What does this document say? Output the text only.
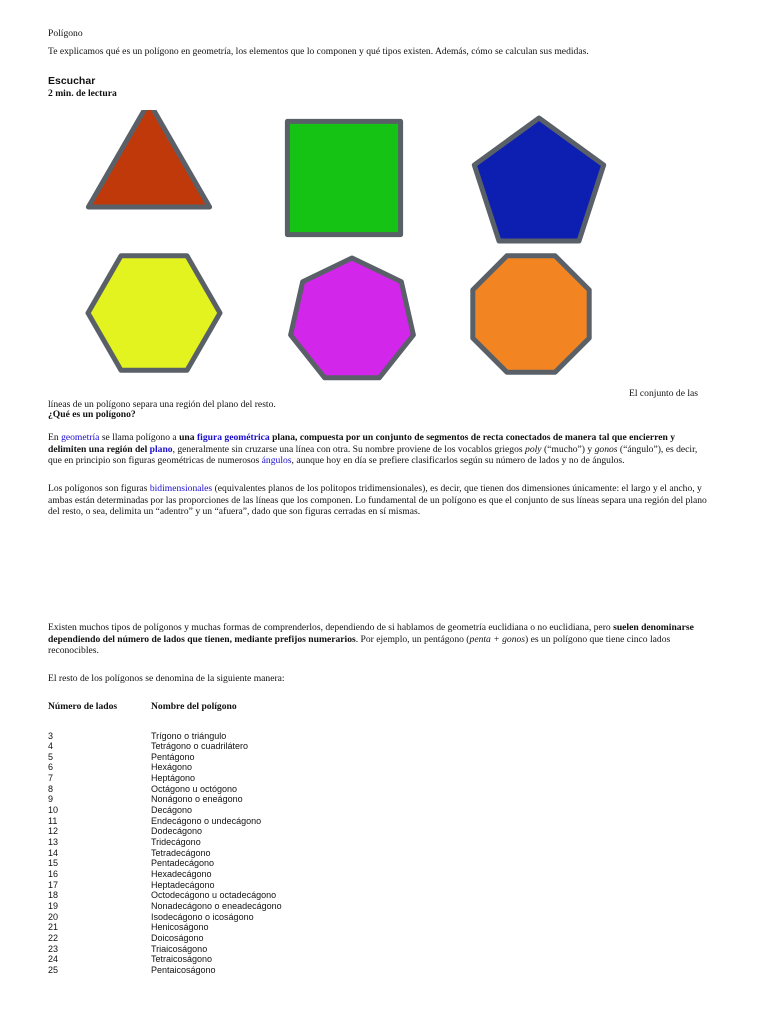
Polígono
Te explicamos qué es un polígono en geometría, los elementos que lo componen y qué tipos existen. Además, cómo se calculan sus medidas.
Escuchar
2 min. de lectura
El conjunto de las
líneas de un polígono separa una región del plano del resto.
¿Qué es un polígono?

En geometría se llama polígono a una figura geométrica plana, compuesta por un conjunto de segmentos de recta conectados de manera tal que encierren y delimiten una región del plano, generalmente sin cruzarse una línea con otra. Su nombre proviene de los vocablos griegos poly (“mucho”) y gonos (“ángulo”), es decir, que en principio son figuras geométricas de numerosos ángulos, aunque hoy en día se prefiere clasificarlos según su número de lados y no de ángulos.

Los polígonos son figuras bidimensionales (equivalentes planos de los politopos tridimensionales), es decir, que tienen dos dimensiones únicamente: el largo y el ancho, y ambas están determinadas por las proporciones de las líneas que los componen. Lo fundamental de un polígono es que el conjunto de sus líneas separa una región del plano del resto, o sea, delimita un “adentro” y un “afuera”, dado que son figuras cerradas en sí mismas.

Existen muchos tipos de polígonos y muchas formas de comprenderlos, dependiendo de si hablamos de geometría euclidiana o no euclidiana, pero suelen denominarse dependiendo del número de lados que tienen, mediante prefijos numerarios. Por ejemplo, un pentágono (penta + gonos) es un polígono que tiene cinco lados reconocibles.

El resto de los polígonos se denomina de la siguiente manera:
Número de lados	Nombre del polígono
3	Trígono o triángulo
4	Tetrágono o cuadrilátero
5	Pentágono
6	Hexágono
7	Heptágono
8	Octágono u octógono
9	Nonágono o eneágono
10	Decágono
11	Endecágono o undecágono
12	Dodecágono
13	Tridecágono
14	Tetradecágono
15	Pentadecágono
16	Hexadecágono
17	Heptadecágono
18	Octodecágono u octadecágono
19	Nonadecágono o eneadecágono
20	Isodecágono o icoságono
21	Henicoságono
22	Doicoságono
23	Triaicoságono
24	Tetraicoságono
25	Pentaicoságono
